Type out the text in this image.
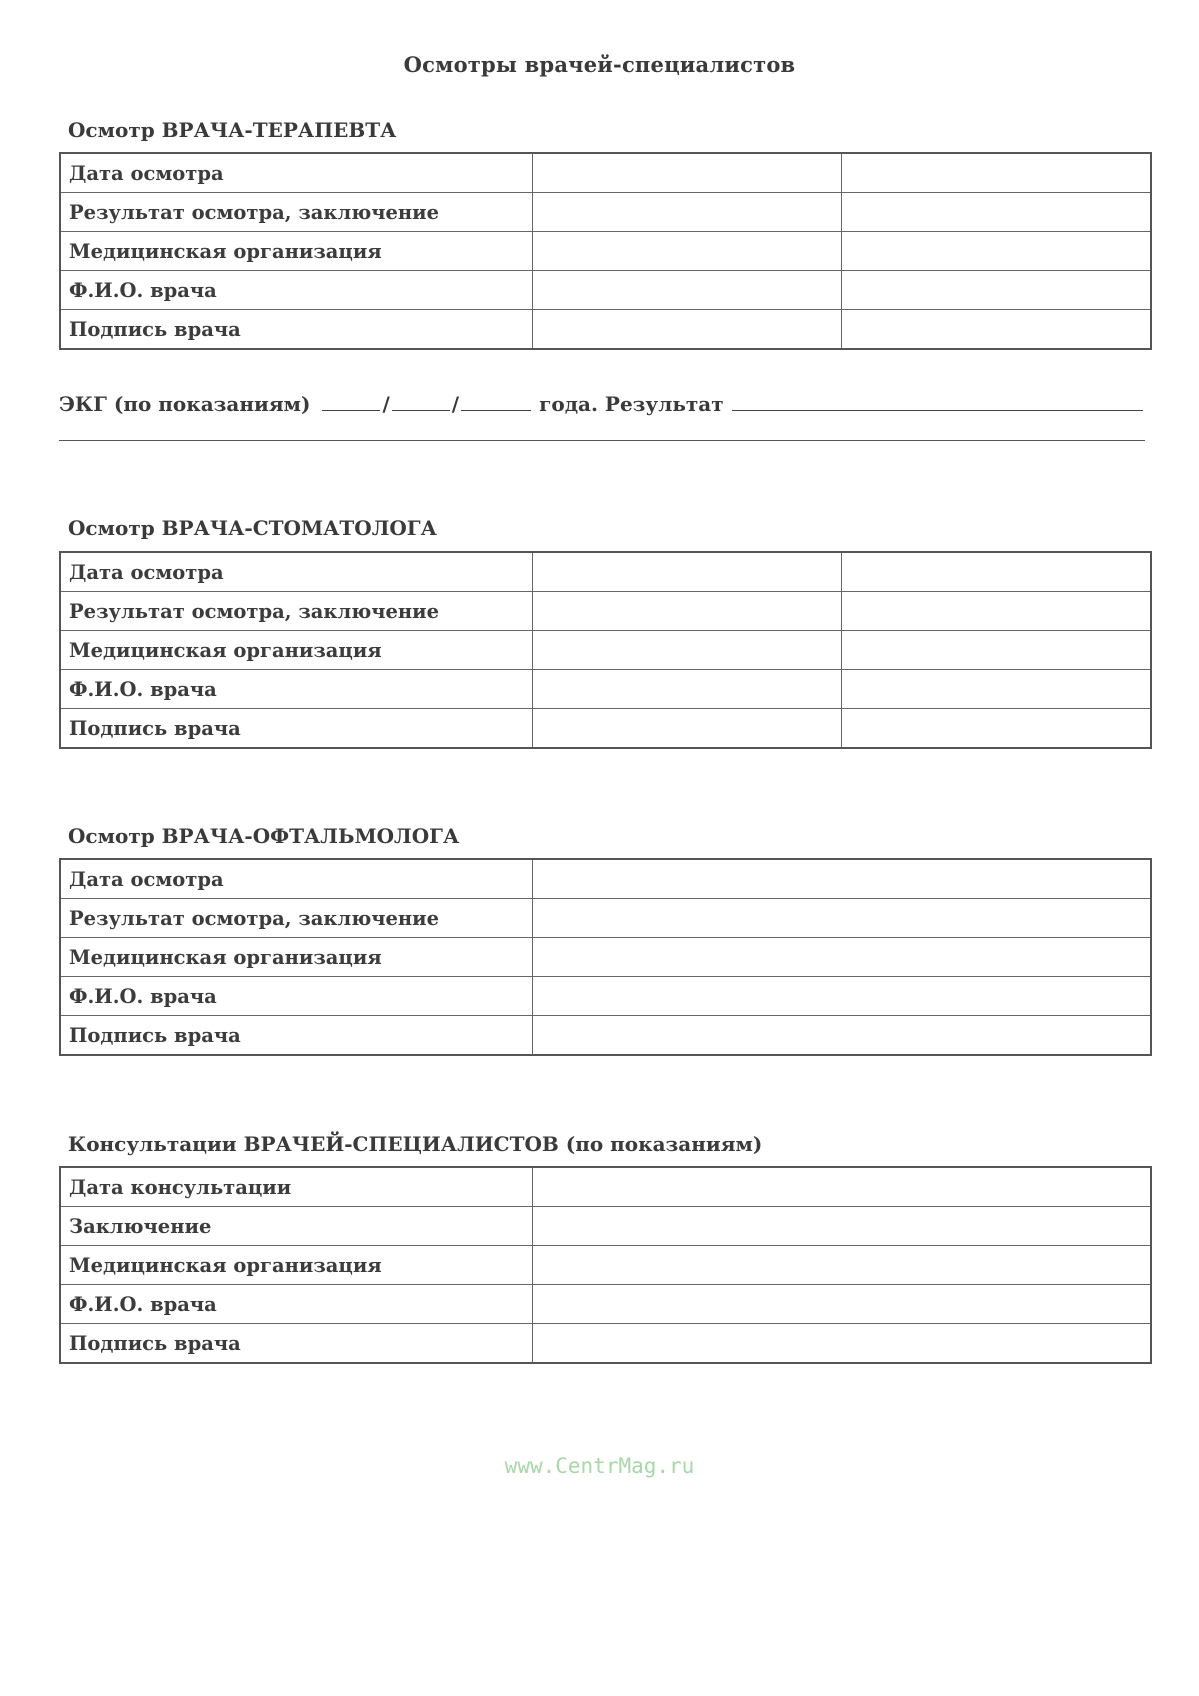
Осмотры врачей-специалистов
Осмотр ВРАЧА-ТЕРАПЕВТА
Дата осмотра		
Результат осмотра, заключение		
Медицинская организация		
Ф.И.О. врача		
Подпись врача		
ЭКГ (по показаниям)	/	/	года. Результат
Осмотр ВРАЧА-СТОМАТОЛОГА
Дата осмотра		
Результат осмотра, заключение		
Медицинская организация		
Ф.И.О. врача		
Подпись врача		
Осмотр ВРАЧА-ОФТАЛЬМОЛОГА
Дата осмотра	
Результат осмотра, заключение	
Медицинская организация	
Ф.И.О. врача	
Подпись врача	
Консультации ВРАЧЕЙ-СПЕЦИАЛИСТОВ (по показаниям)
Дата консультации	
Заключение	
Медицинская организация	
Ф.И.О. врача	
Подпись врача	
www.CentrMag.ru
